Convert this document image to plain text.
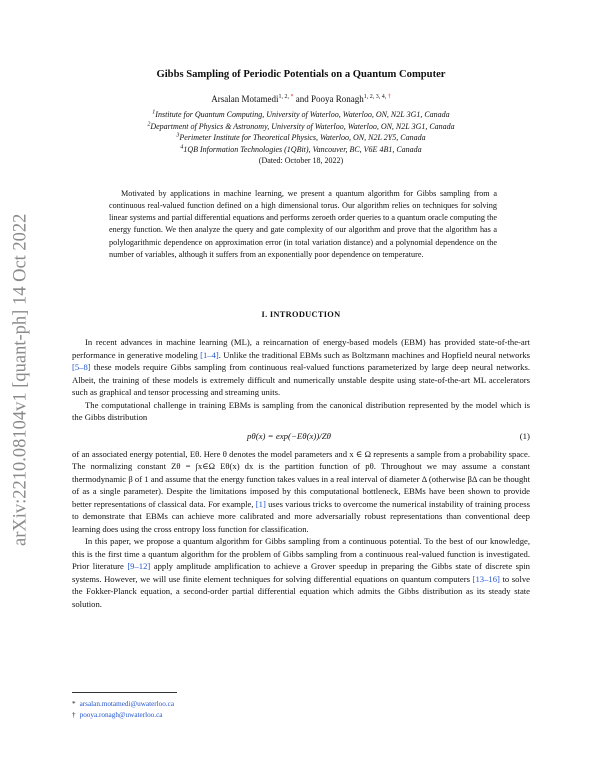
arXiv:2210.08104v1 [quant-ph] 14 Oct 2022
Gibbs Sampling of Periodic Potentials on a Quantum Computer
Arsalan Motamedi$^{1, 2,}$ * and Pooya Ronagh$^{1, 2, 3, 4,}$ †
$^1$Institute for Quantum Computing, University of Waterloo, Waterloo, ON, N2L 3G1, Canada
$^2$Department of Physics & Astronomy, University of Waterloo, Waterloo, ON, N2L 3G1, Canada
$^3$Perimeter Institute for Theoretical Physics, Waterloo, ON, N2L 2Y5, Canada
$^4$1QB Information Technologies (1QBit), Vancouver, BC, V6E 4B1, Canada
(Dated: October 18, 2022)

Motivated by applications in machine learning, we present a quantum algorithm for Gibbs sampling from a continuous real-valued function defined on a high dimensional torus. Our algorithm relies on techniques for solving linear systems and partial differential equations and performs zeroeth order queries to a quantum oracle computing the energy function. We then analyze the query and gate complexity of our algorithm and prove that the algorithm has a polylogarithmic dependence on approximation error (in total variation distance) and a polynomial dependence on the number of variables, although it suffers from an exponentially poor dependence on temperature.

I. INTRODUCTION

In recent advances in machine learning (ML), a reincarnation of energy-based models (EBM) has provided state-of-the-art performance in generative modeling [1–4]. Unlike the traditional EBMs such as Boltzmann machines and Hopfield neural networks [5–8] these models require Gibbs sampling from continuous real-valued functions parameterized by large deep neural networks. Albeit, the training of these models is extremely difficult and numerically unstable despite using state-of-the-art ML accelerators such as graphical and tensor processing and streaming units.

The computational challenge in training EBMs is sampling from the canonical distribution represented by the model which is the Gibbs distribution

pθ(x) = exp(−Eθ(x))/Zθ	(1)

of an associated energy potential, Eθ. Here θ denotes the model parameters and x ∈ Ω represents a sample from a probability space. The normalizing constant Zθ = ∫x∈Ω Eθ(x) dx is the partition function of pθ. Throughout we may assume a constant thermodynamic β of 1 and assume that the energy function takes values in a real interval of diameter Δ (otherwise βΔ can be thought of as a single parameter). Despite the limitations imposed by this computational bottleneck, EBMs have been shown to provide better representations of classical data. For example, [1] uses various tricks to overcome the numerical instability of training process to demonstrate that EBMs can achieve more calibrated and more adversarially robust representations than conventional deep learning does using the cross entropy loss function for classification.

In this paper, we propose a quantum algorithm for Gibbs sampling from a continuous potential. To the best of our knowledge, this is the first time a quantum algorithm for the problem of Gibbs sampling from a continuous real-valued function is investigated. Prior literature [9–12] apply amplitude amplification to achieve a Grover speedup in preparing the Gibbs state of discrete spin systems. However, we will use finite element techniques for solving differential equations on quantum computers [13–16] to solve the Fokker-Planck equation, a second-order partial differential equation which admits the Gibbs distribution as its steady state solution.

* arsalan.motamedi@uwaterloo.ca
† pooya.ronagh@uwaterloo.ca
